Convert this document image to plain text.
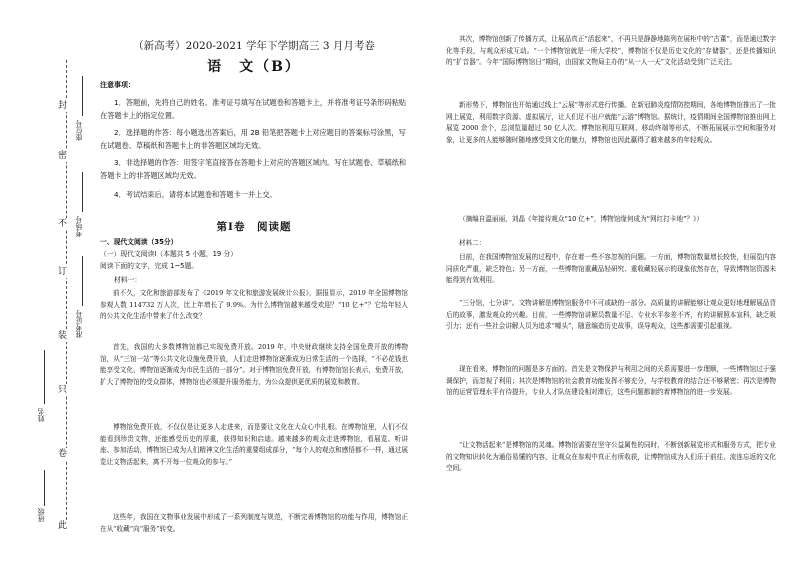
此
卷
只
装
订
不
密
封
班级
姓名
准考证号
考场号
座位号
（新高考）2020-2021 学年下学期高三 3 月月考卷
语　文（B）
注意事项：
1．答题前，先将自己的姓名、准考证号填写在试题卷和答题卡上，并将准考证号条形码粘贴在答题卡上的指定位置。
2．选择题的作答：每小题选出答案后，用 2B 铅笔把答题卡上对应题目的答案标号涂黑，写在试题卷、草稿纸和答题卡上的非答题区域均无效。
3．非选择题的作答：用签字笔直接答在答题卡上对应的答题区域内。写在试题卷、草稿纸和答题卡上的非答题区域均无效。
4．考试结束后，请将本试题卷和答题卡一并上交。
第Ⅰ卷　阅读题
一、现代文阅读（35分）
（一）现代文阅读Ⅰ（本题共 5 小题，19 分）
阅读下面的文字，完成 1~5题。
材料一：
前不久，文化和旅游部发布了《2019 年文化和旅游发展统计公报》，据报显示，2019 年全国博物馆参观人数 114732 万人次，比上年增长了 9.9%。为什么博物馆越来越受欢迎？“10 亿+”？它给年轻人的公共文化生活中带来了什么改变？
首先，我国的大多数博物馆都已实现免费开放。2019 年，中央财政继续支持全国免费开放的博物馆，从“三馆一站”等公共文化设施免费开放，人们走进博物馆逐渐成为日常生活的一个选择，“不必花钱也能享受文化，博物馆逐渐成为市民生活的一部分”。对于博物馆免费开放，有博物馆馆长表示，免费开放，扩大了博物馆的受众群体，博物馆也必须提升服务能力，为公众提供更优质的展览和教育。
博物馆免费开放，不仅仅是让更多人走进来，而是要让文化在大众心中扎根。在博物馆里，人们不仅能看到珍贵文物，还能感受历史的厚重，获得知识和启迪。越来越多的观众走进博物馆，看展览、听讲座、参加活动，博物馆已成为人们精神文化生活的重要组成部分，“每个人的观点和感悟都不一样，通过展览让文物活起来，离不开每一位观众的参与。”
这些年，我国在文物事业发展中形成了一系列制度与规范，不断完善博物馆的功能与作用，博物馆正在从“收藏”向“服务”转变。
其次，博物馆创新了传播方式，让展品真正“活起来”，不再只是静静地陈列在展柜中的“古董”，而是通过数字化等手段，与观众形成互动。“一个博物馆就是一所大学校”，博物馆不仅是历史文化的“存储器”，还是传播知识的“扩音器”。今年“国际博物馆日”期间，由国家文物局主办的“从一人一天”文化活动受到广泛关注。
新形势下，博物馆也开始通过线上“云展”等形式进行传播。在新冠肺炎疫情防控期间，各地博物馆推出了一批网上展览，利用数字资源、虚拟展厅，让人们足不出户就能“云游”博物馆。据统计，疫情期间全国博物馆推出网上展览 2000 余个，总浏览量超过 50 亿人次。博物馆利用互联网、移动终端等形式，不断拓展展示空间和服务对象，让更多的人能够随时随地感受到文化的魅力，博物馆也因此赢得了越来越多的年轻观众。
（摘编自温丽丽，刘晶《年接待观众“10 亿+”，博物馆缘何成为“网红打卡地”？》）
材料二：
目前，在我国博物馆发展的过程中，存在着一些不容忽视的问题。一方面，博物馆数量增长较快，但展览内容同质化严重，缺乏特色；另一方面，一些博物馆重藏品轻研究、重收藏轻展示的现象依然存在，导致博物馆资源未能得到有效利用。
“三分馆，七分讲”。文物讲解是博物馆服务中不可或缺的一部分。高质量的讲解能够让观众更好地理解展品背后的故事，激发观众的兴趣。目前，一些博物馆讲解员数量不足、专业水平参差不齐，有的讲解照本宣科，缺乏吸引力；还有一些社会讲解人员为追求“噱头”，随意编造历史故事，误导观众，这些都需要引起重视。
现在看来，博物馆的问题是多方面的。首先是文物保护与利用之间的关系需要进一步理顺，一些博物馆过于强调保护，而忽视了利用；其次是博物馆的社会教育功能发挥不够充分，与学校教育的结合还不够紧密；再次是博物馆的运营管理水平有待提升，专业人才队伍建设相对滞后，这些问题都制约着博物馆的进一步发展。
“让文物活起来”是博物馆的灵魂。博物馆需要在坚守公益属性的同时，不断创新展览形式和服务方式，把专业的文物知识转化为通俗易懂的内容，让观众在参观中真正有所收获，让博物馆成为人们乐于前往、流连忘返的文化空间。
